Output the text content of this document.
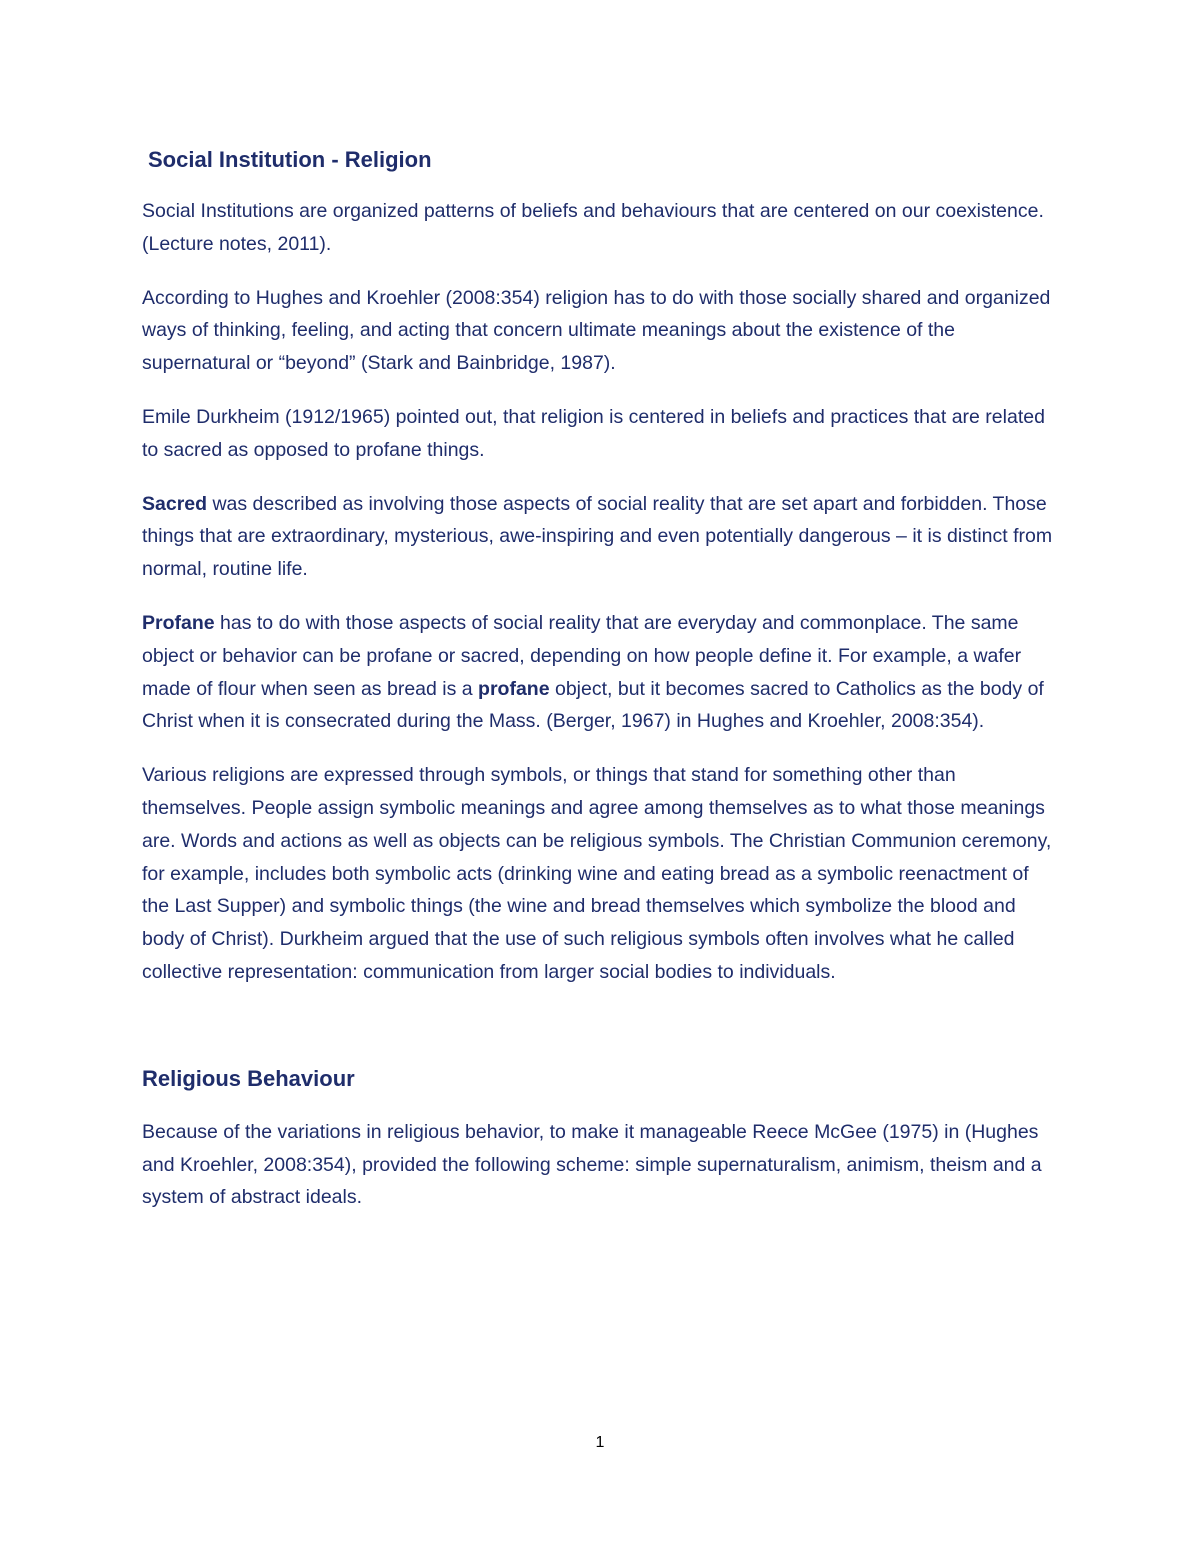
Social Institution - Religion

Social Institutions are organized patterns of beliefs and behaviours that are centered on our coexistence. (Lecture notes, 2011).

According to Hughes and Kroehler (2008:354) religion has to do with those socially shared and organized ways of thinking, feeling, and acting that concern ultimate meanings about the existence of the supernatural or “beyond” (Stark and Bainbridge, 1987).

Emile Durkheim (1912/1965) pointed out, that religion is centered in beliefs and practices that are related to sacred as opposed to profane things.

Sacred was described as involving those aspects of social reality that are set apart and forbidden. Those things that are extraordinary, mysterious, awe-inspiring and even potentially dangerous – it is distinct from normal, routine life.

Profane has to do with those aspects of social reality that are everyday and commonplace. The same object or behavior can be profane or sacred, depending on how people define it. For example, a wafer made of flour when seen as bread is a profane object, but it becomes sacred to Catholics as the body of Christ when it is consecrated during the Mass. (Berger, 1967) in Hughes and Kroehler, 2008:354).

Various religions are expressed through symbols, or things that stand for something other than themselves. People assign symbolic meanings and agree among themselves as to what those meanings are. Words and actions as well as objects can be religious symbols. The Christian Communion ceremony, for example, includes both symbolic acts (drinking wine and eating bread as a symbolic reenactment of the Last Supper) and symbolic things (the wine and bread themselves which symbolize the blood and body of Christ). Durkheim argued that the use of such religious symbols often involves what he called collective representation: communication from larger social bodies to individuals.

Religious Behaviour

Because of the variations in religious behavior, to make it manageable Reece McGee (1975) in (Hughes and Kroehler, 2008:354), provided the following scheme: simple supernaturalism, animism, theism and a system of abstract ideals.

1
